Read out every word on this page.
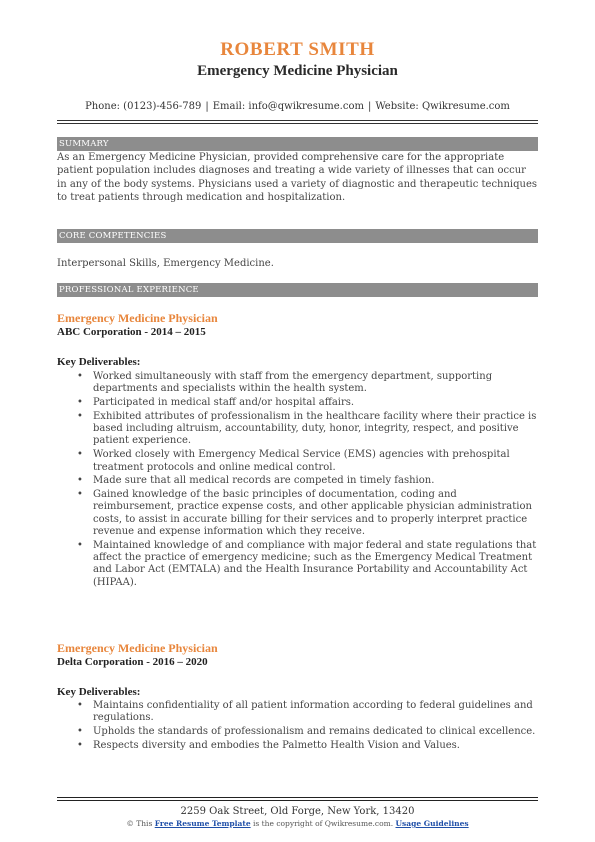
ROBERT SMITH
Emergency Medicine Physician
Phone: (0123)-456-789 | Email: info@qwikresume.com | Website: Qwikresume.com
SUMMARY
As an Emergency Medicine Physician, provided comprehensive care for the appropriate patient population includes diagnoses and treating a wide variety of illnesses that can occur in any of the body systems. Physicians used a variety of diagnostic and therapeutic techniques to treat patients through medication and hospitalization.
CORE COMPETENCIES
Interpersonal Skills, Emergency Medicine.
PROFESSIONAL EXPERIENCE
Emergency Medicine Physician
ABC Corporation - 2014 – 2015
Key Deliverables:
• Worked simultaneously with staff from the emergency department, supporting departments and specialists within the health system.
• Participated in medical staff and/or hospital affairs.
• Exhibited attributes of professionalism in the healthcare facility where their practice is based including altruism, accountability, duty, honor, integrity, respect, and positive patient experience.
• Worked closely with Emergency Medical Service (EMS) agencies with prehospital treatment protocols and online medical control.
• Made sure that all medical records are competed in timely fashion.
• Gained knowledge of the basic principles of documentation, coding and reimbursement, practice expense costs, and other applicable physician administration costs, to assist in accurate billing for their services and to properly interpret practice revenue and expense information which they receive.
• Maintained knowledge of and compliance with major federal and state regulations that affect the practice of emergency medicine; such as the Emergency Medical Treatment and Labor Act (EMTALA) and the Health Insurance Portability and Accountability Act (HIPAA).
Emergency Medicine Physician
Delta Corporation - 2016 – 2020
Key Deliverables:
• Maintains confidentiality of all patient information according to federal guidelines and regulations.
• Upholds the standards of professionalism and remains dedicated to clinical excellence.
• Respects diversity and embodies the Palmetto Health Vision and Values.
2259 Oak Street, Old Forge, New York, 13420
© This Free Resume Template is the copyright of Qwikresume.com. Usage Guidelines
